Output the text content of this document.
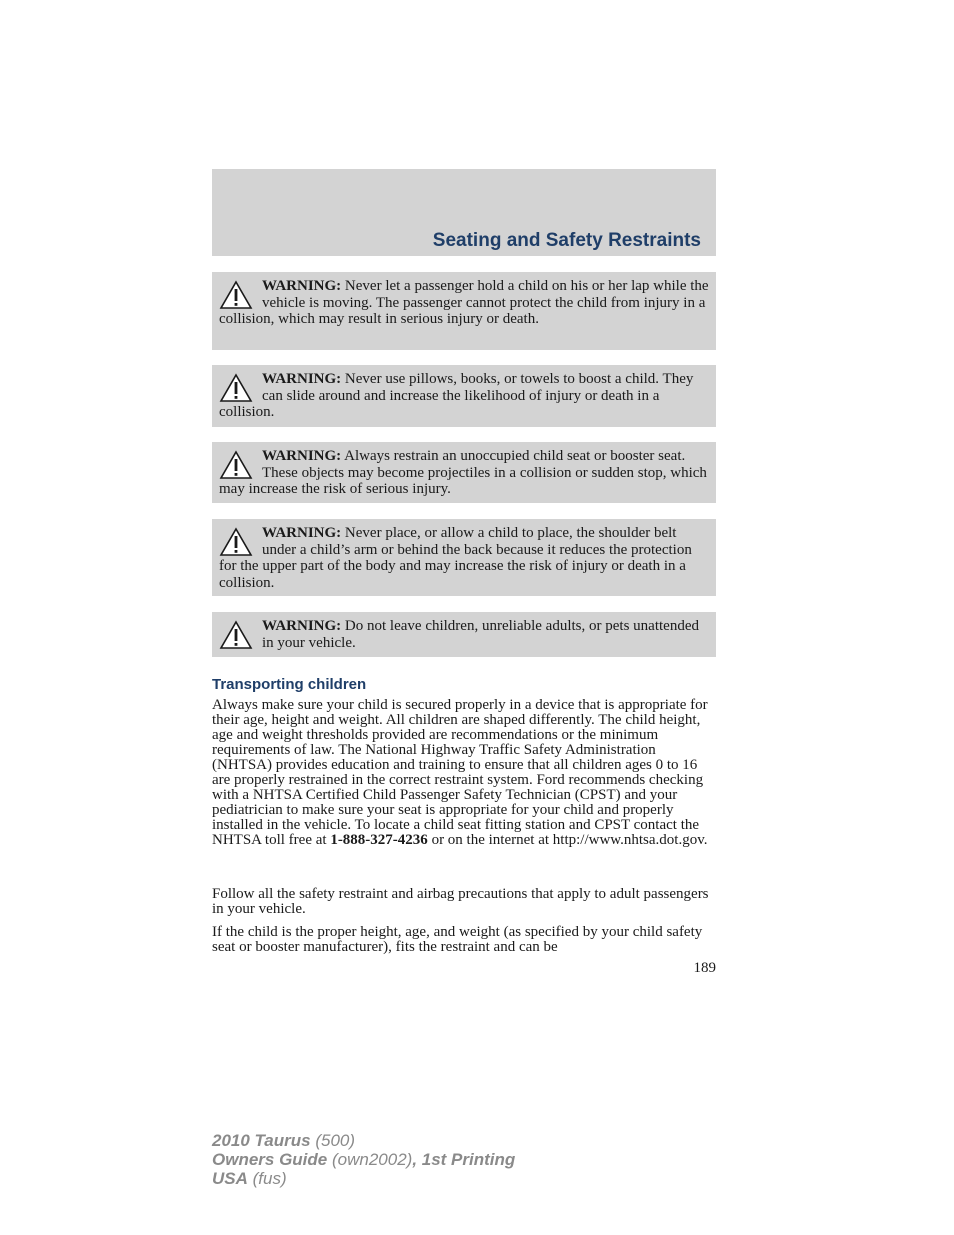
Seating and Safety Restraints
WARNING: Never let a passenger hold a child on his or her lap while the vehicle is moving. The passenger cannot protect the child from injury in a collision, which may result in serious injury or death.
WARNING: Never use pillows, books, or towels to boost a child. They can slide around and increase the likelihood of injury or death in a collision.
WARNING: Always restrain an unoccupied child seat or booster seat. These objects may become projectiles in a collision or sudden stop, which may increase the risk of serious injury.
WARNING: Never place, or allow a child to place, the shoulder belt under a child’s arm or behind the back because it reduces the protection for the upper part of the body and may increase the risk of injury or death in a collision.
WARNING: Do not leave children, unreliable adults, or pets unattended in your vehicle.
Transporting children

Always make sure your child is secured properly in a device that is appropriate for their age, height and weight. All children are shaped differently. The child height, age and weight thresholds provided are recommendations or the minimum requirements of law. The National Highway Traffic Safety Administration (NHTSA) provides education and training to ensure that all children ages 0 to 16 are properly restrained in the correct restraint system. Ford recommends checking with a NHTSA Certified Child Passenger Safety Technician (CPST) and your pediatrician to make sure your seat is appropriate for your child and properly installed in the vehicle. To locate a child seat fitting station and CPST contact the NHTSA toll free at 1-888-327-4236 or on the internet at http://www.nhtsa.dot.gov.

Follow all the safety restraint and airbag precautions that apply to adult passengers in your vehicle.

If the child is the proper height, age, and weight (as specified by your child safety seat or booster manufacturer), fits the restraint and can be

189
2010 Taurus (500)
Owners Guide (own2002), 1st Printing
USA (fus)
